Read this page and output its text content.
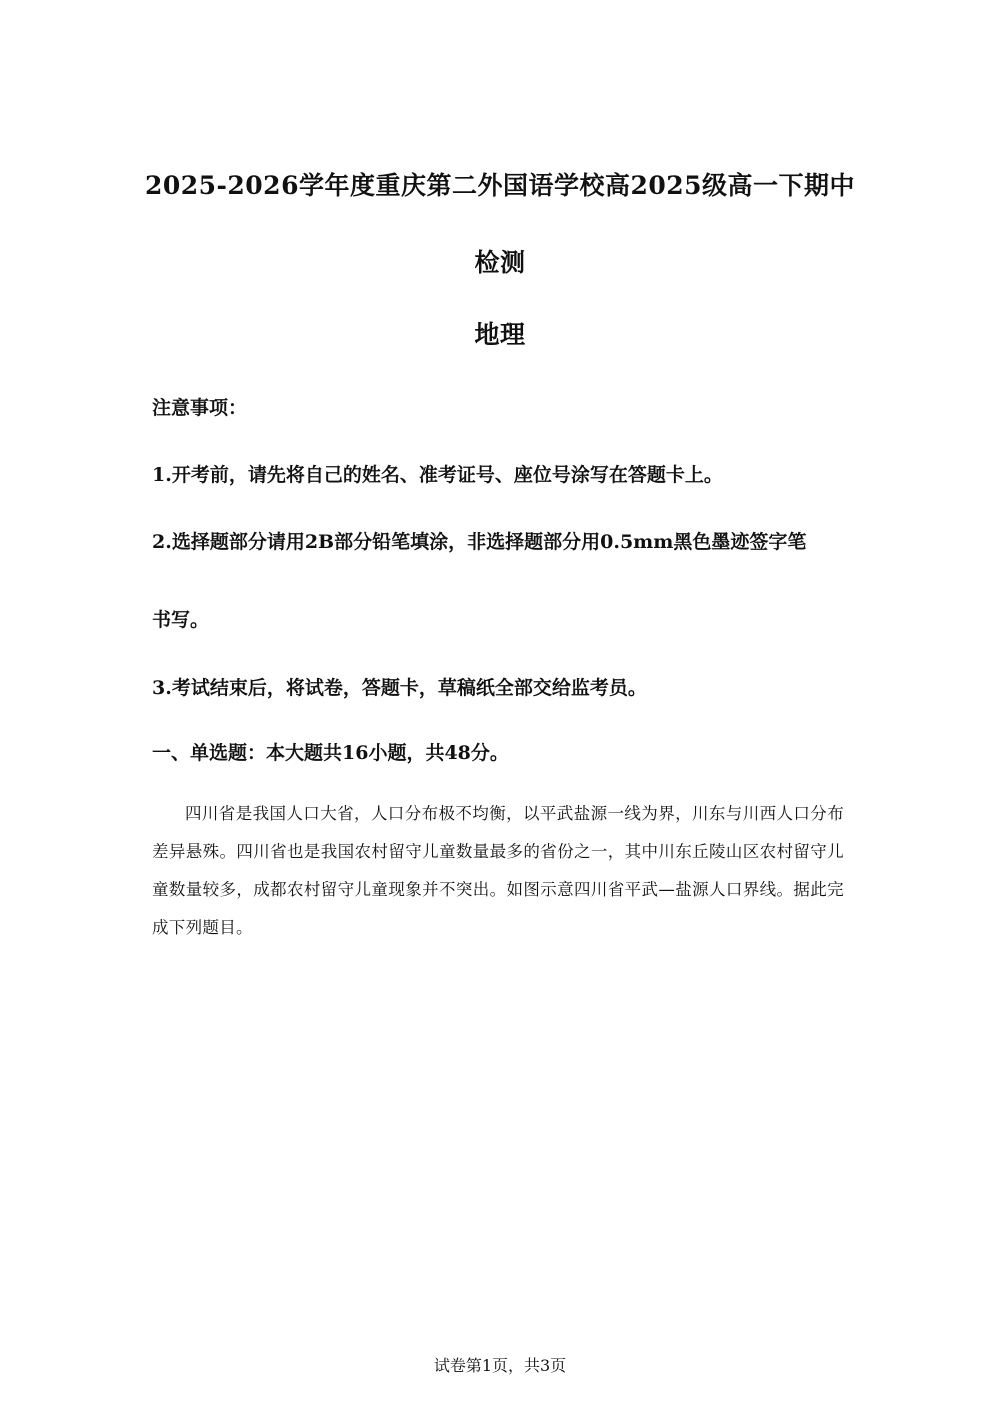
2025-2026学年度重庆第二外国语学校高2025级高一下期中
检测
地理

注意事项：

1.开考前，请先将自己的姓名、准考证号、座位号涂写在答题卡上。

2.选择题部分请用2B部分铅笔填涂，非选择题部分用0.5mm黑色墨迹签字笔

书写。

3.考试结束后，将试卷，答题卡，草稿纸全部交给监考员。

一、单选题：本大题共16小题，共48分。

四川省是我国人口大省，人口分布极不均衡，以平武盐源一线为界，川东与川西人口分布差异悬殊。四川省也是我国农村留守儿童数量最多的省份之一，其中川东丘陵山区农村留守儿童数量较多，成都农村留守儿童现象并不突出。如图示意四川省平武—盐源人口界线。据此完成下列题目。

试卷第1页，共3页
